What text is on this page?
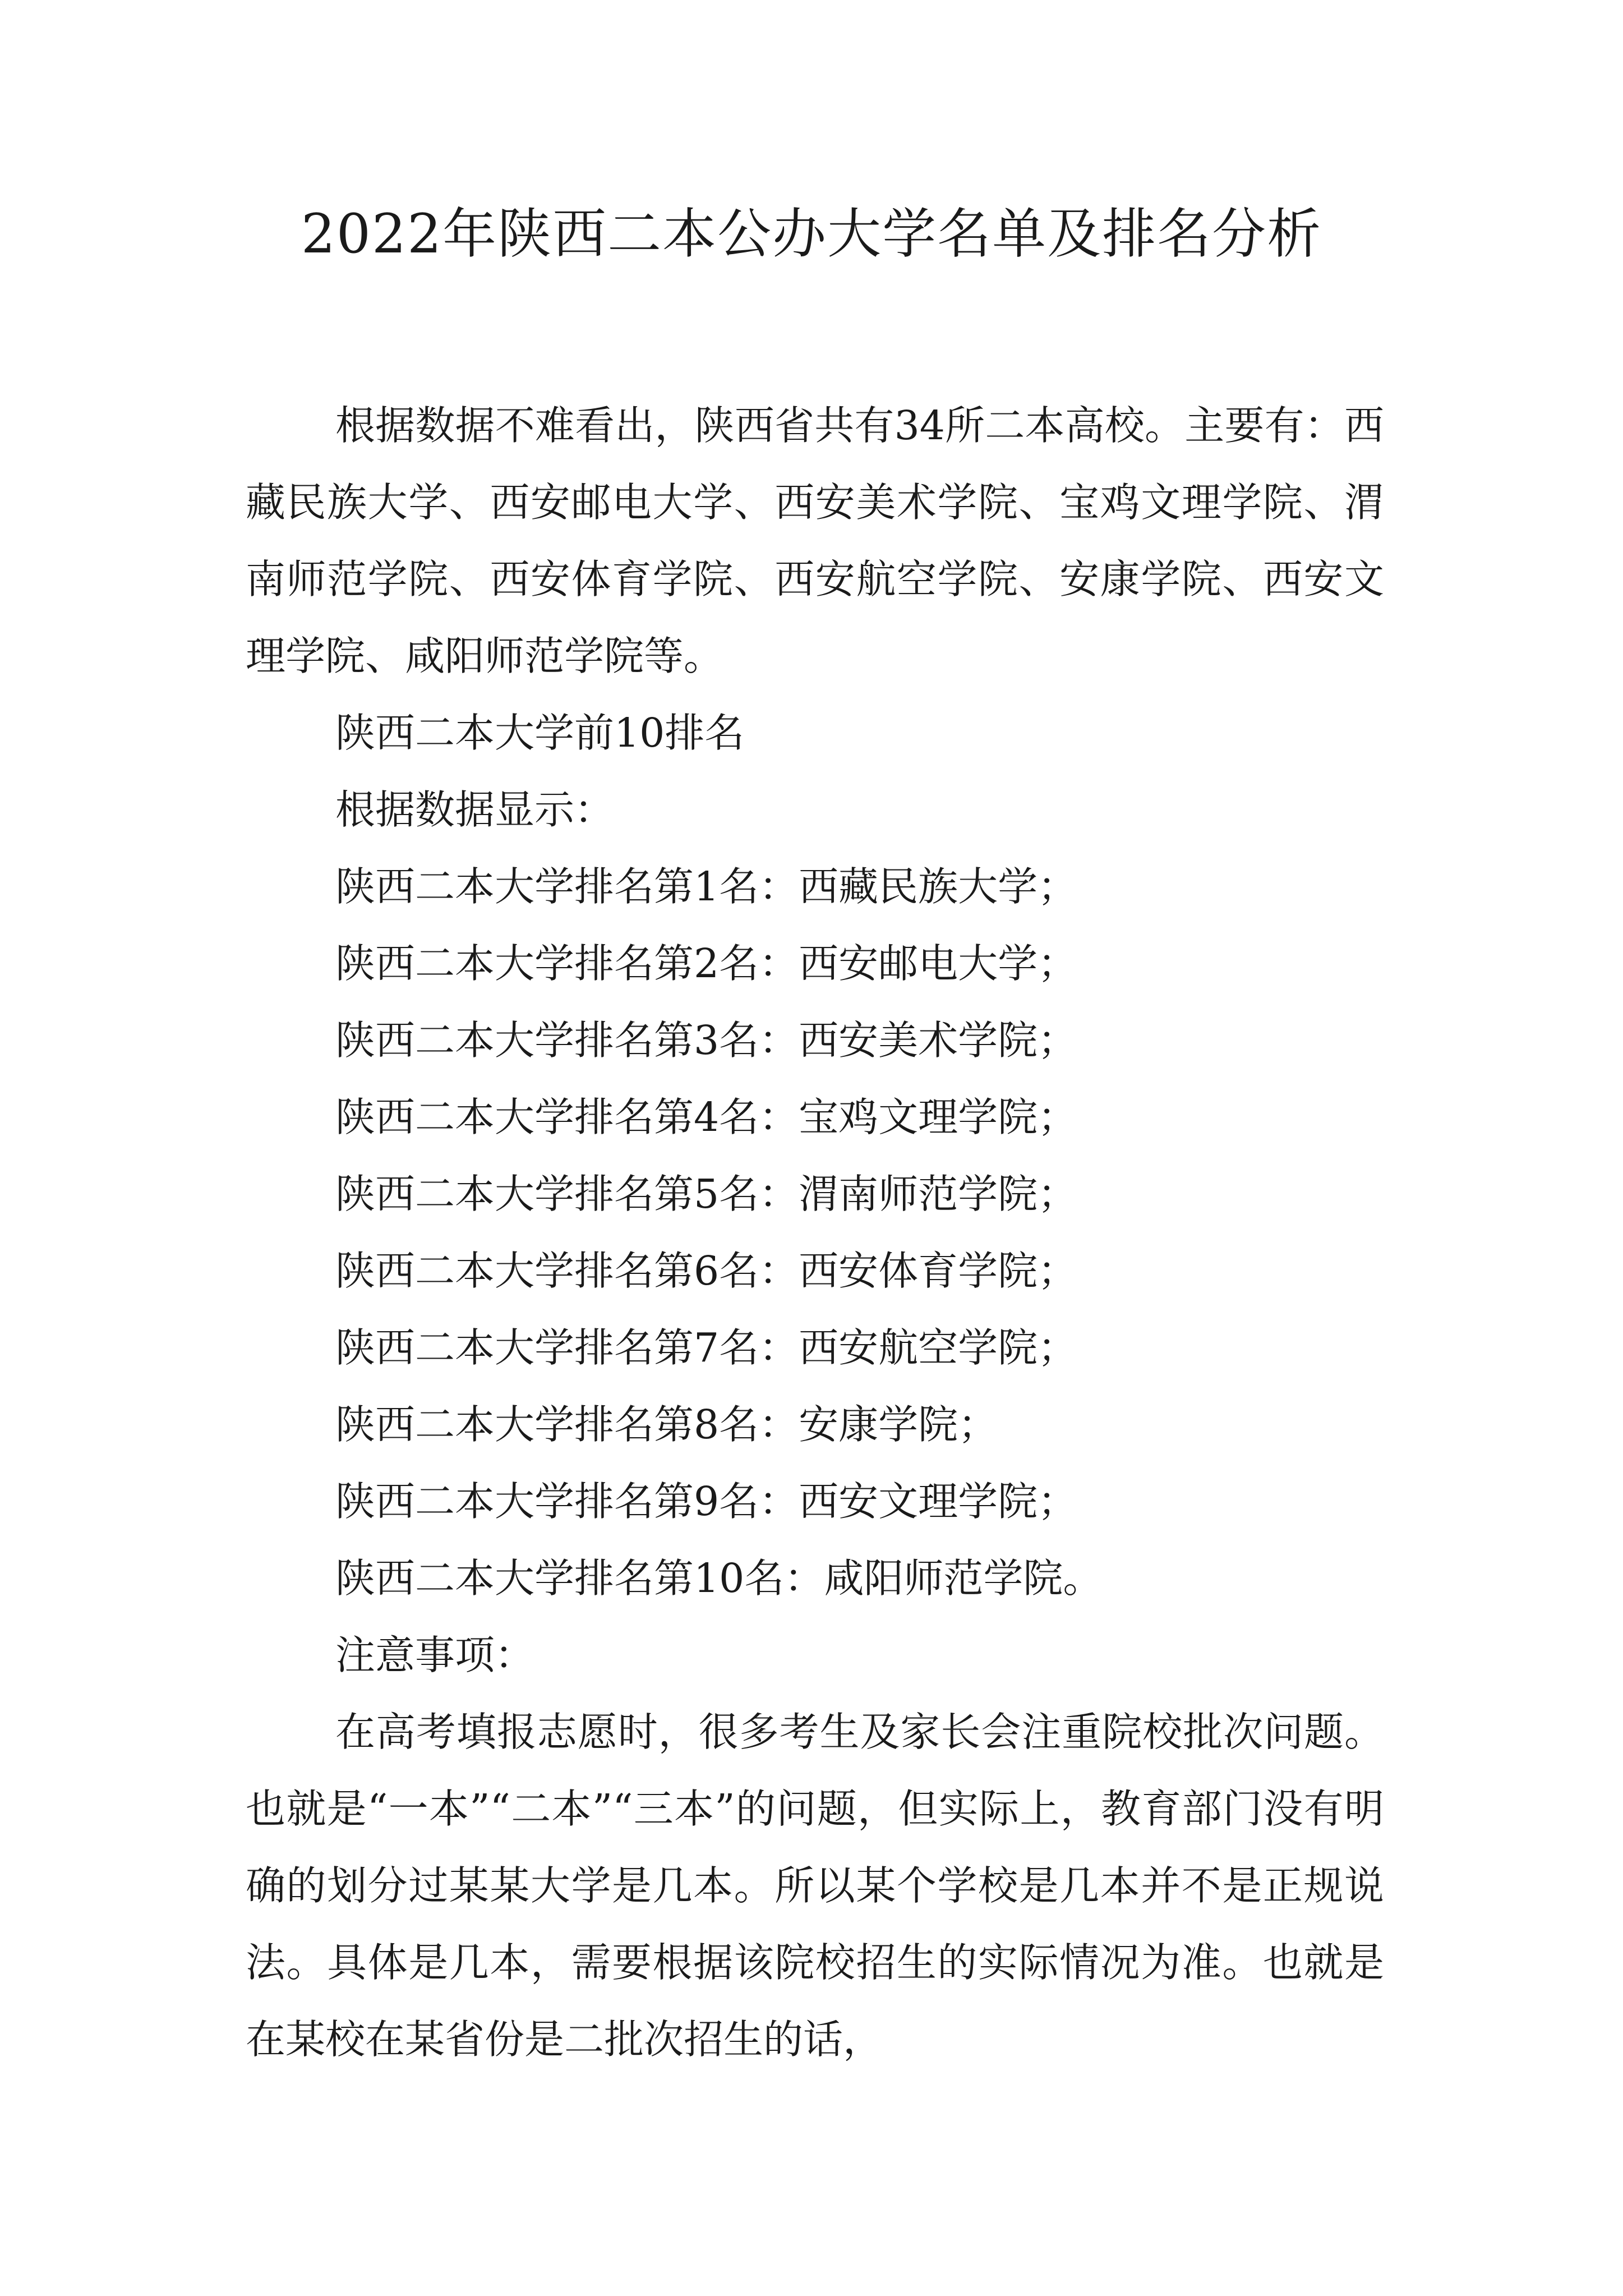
2022年陕西二本公办大学名单及排名分析

根据数据不难看出，陕西省共有34所二本高校。主要有：西藏民族大学、西安邮电大学、西安美术学院、宝鸡文理学院、渭南师范学院、西安体育学院、西安航空学院、安康学院、西安文理学院、咸阳师范学院等。

陕西二本大学前10排名

根据数据显示：

陕西二本大学排名第1名：西藏民族大学；

陕西二本大学排名第2名：西安邮电大学；

陕西二本大学排名第3名：西安美术学院；

陕西二本大学排名第4名：宝鸡文理学院；

陕西二本大学排名第5名：渭南师范学院；

陕西二本大学排名第6名：西安体育学院；

陕西二本大学排名第7名：西安航空学院；

陕西二本大学排名第8名：安康学院；

陕西二本大学排名第9名：西安文理学院；

陕西二本大学排名第10名：咸阳师范学院。

注意事项：

在高考填报志愿时，很多考生及家长会注重院校批次问题。也就是“一本”“二本”“三本”的问题，但实际上，教育部门没有明确的划分过某某大学是几本。所以某个学校是几本并不是正规说法。具体是几本，需要根据该院校招生的实际情况为准。也就是在某校在某省份是二批次招生的话，
